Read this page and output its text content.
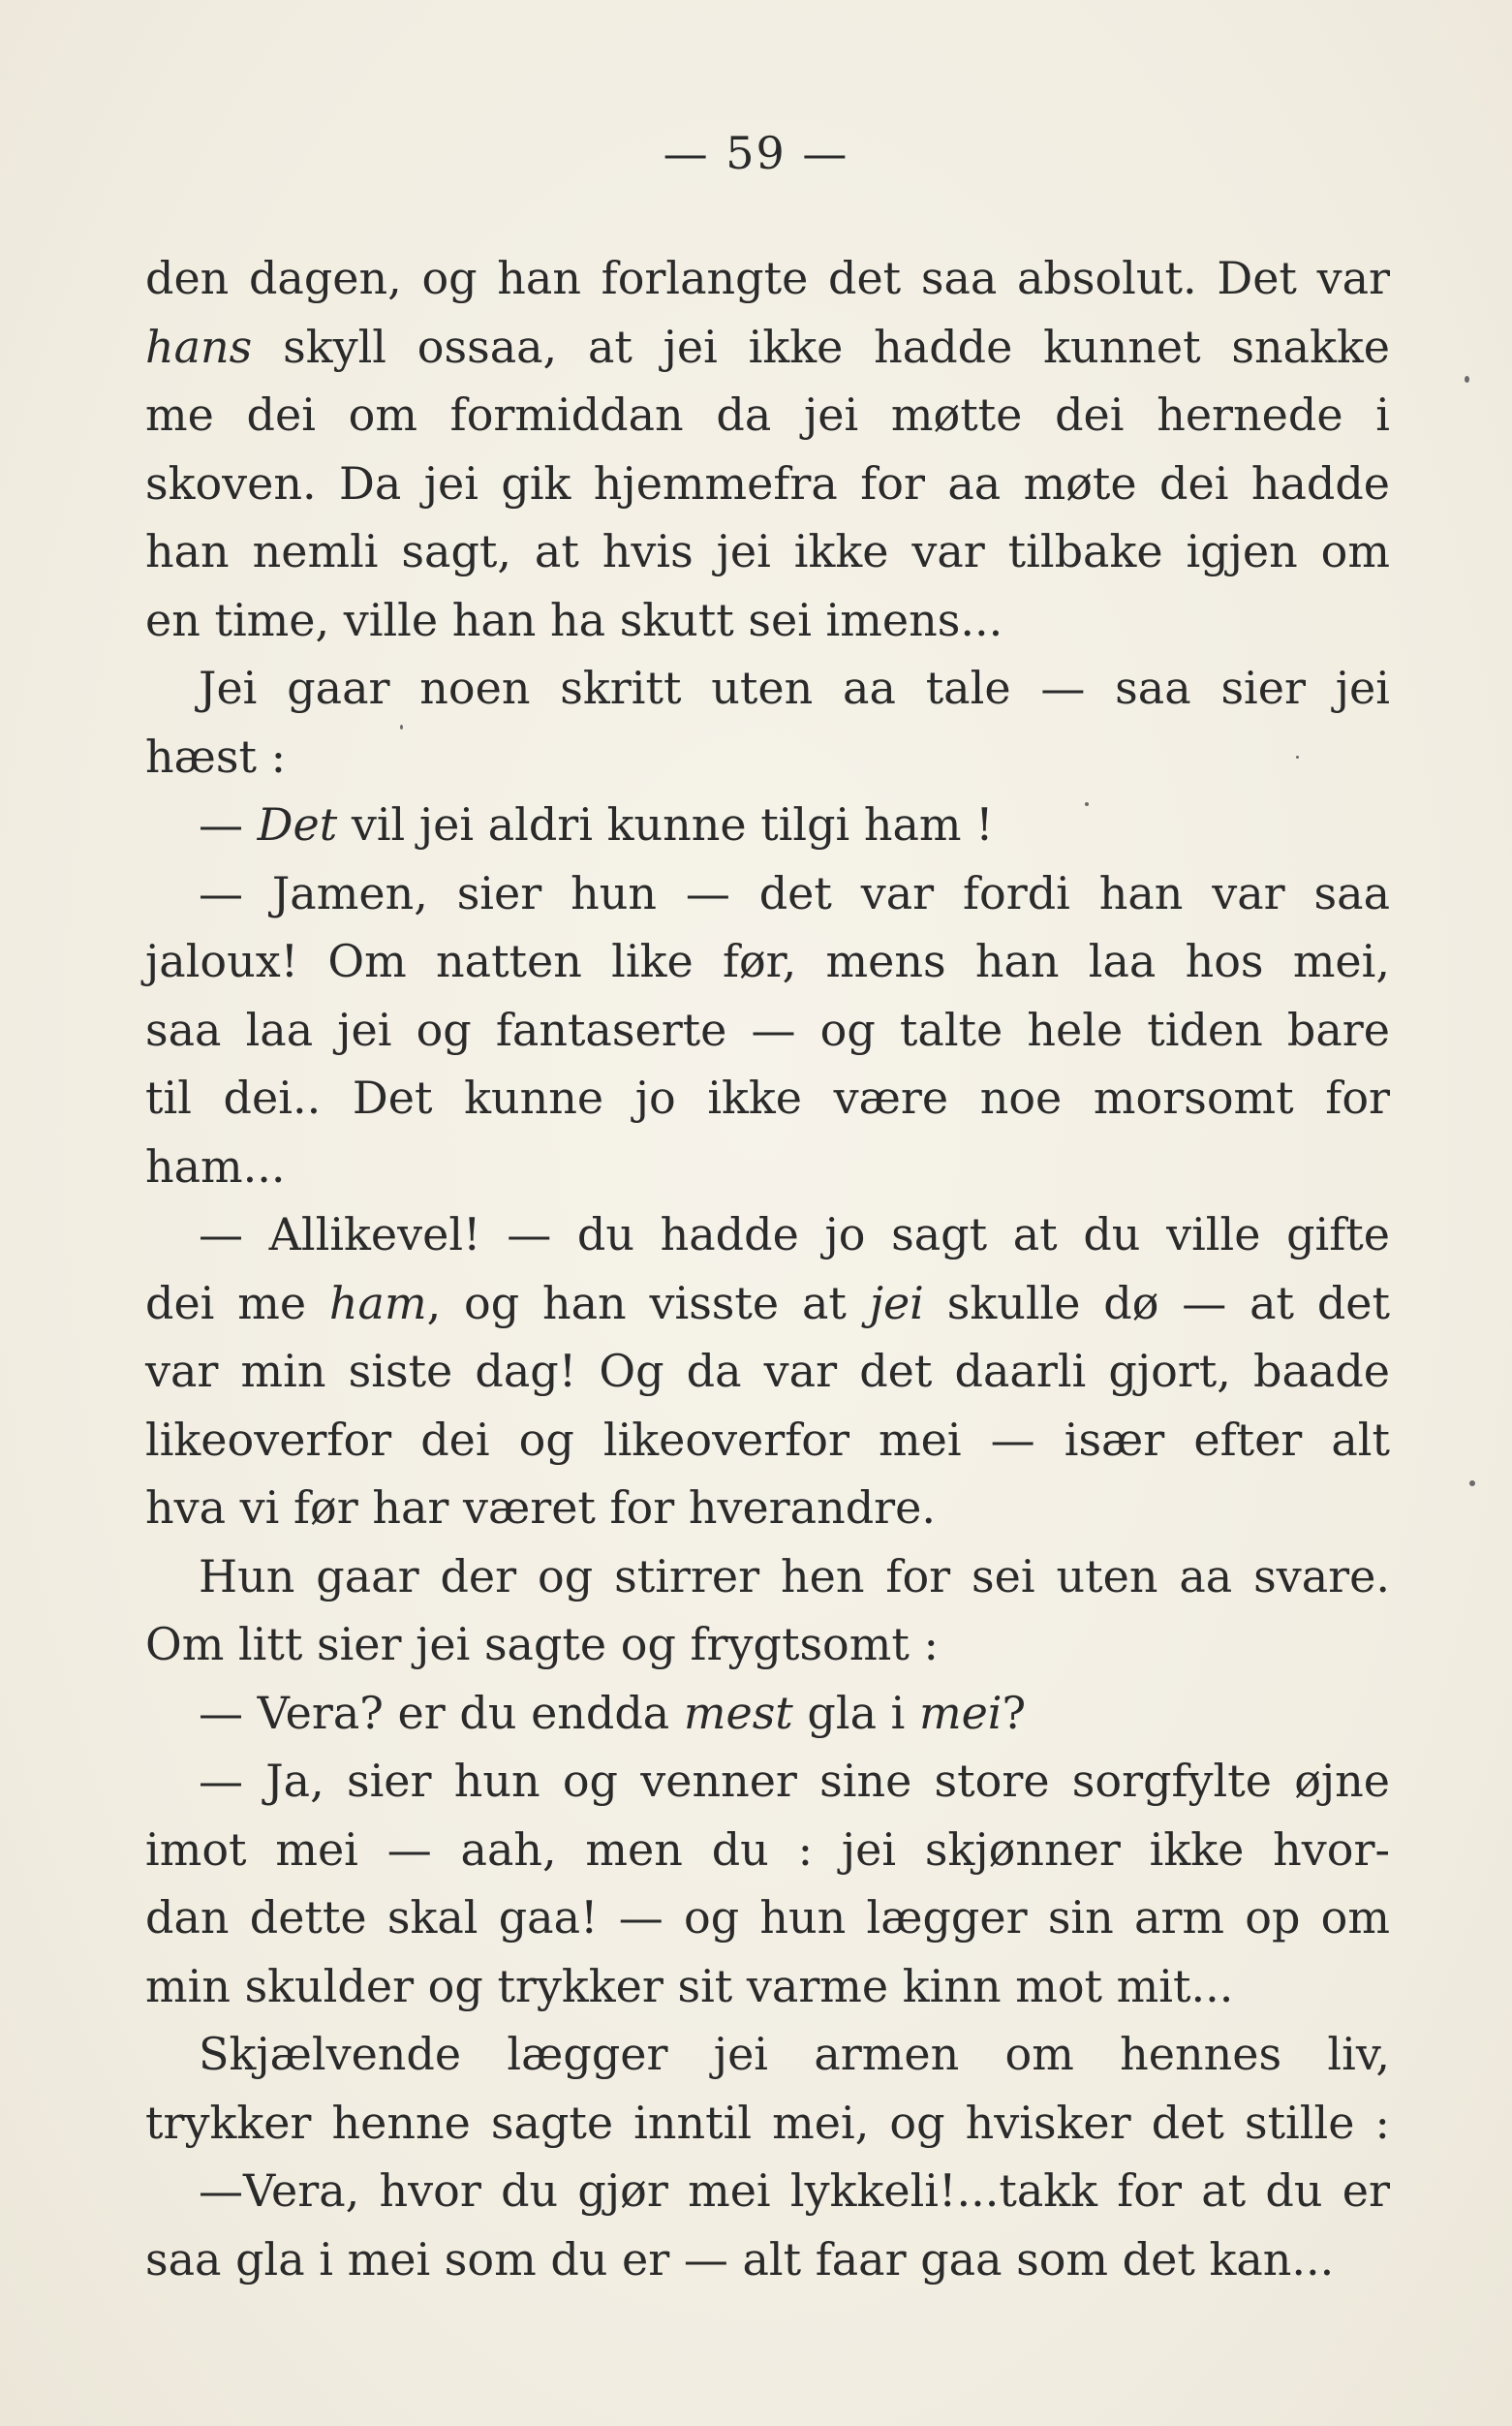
— 59 —
den dagen, og han forlangte det saa absolut. Det var
hans skyll ossaa, at jei ikke hadde kunnet snakke
me dei om formiddan da jei møtte dei hernede i
skoven. Da jei gik hjemmefra for aa møte dei hadde
han nemli sagt, at hvis jei ikke var tilbake igjen om
en time, ville han ha skutt sei imens...
Jei gaar noen skritt uten aa tale — saa sier jei
hæst :
— Det vil jei aldri kunne tilgi ham !
— Jamen, sier hun — det var fordi han var saa
jaloux! Om natten like før, mens han laa hos mei,
saa laa jei og fantaserte — og talte hele tiden bare
til dei.. Det kunne jo ikke være noe morsomt for
ham...
— Allikevel! — du hadde jo sagt at du ville gifte
dei me ham, og han visste at jei skulle dø — at det
var min siste dag! Og da var det daarli gjort, baade
likeoverfor dei og likeoverfor mei — især efter alt
hva vi før har været for hverandre.
Hun gaar der og stirrer hen for sei uten aa svare.
Om litt sier jei sagte og frygtsomt :
— Vera? er du endda mest gla i mei?
— Ja, sier hun og venner sine store sorgfylte øjne
imot mei — aah, men du : jei skjønner ikke hvor-
dan dette skal gaa! — og hun lægger sin arm op om
min skulder og trykker sit varme kinn mot mit...
Skjælvende lægger jei armen om hennes liv,
trykker henne sagte inntil mei, og hvisker det stille :
—Vera, hvor du gjør mei lykkeli!...takk for at du er
saa gla i mei som du er — alt faar gaa som det kan...
